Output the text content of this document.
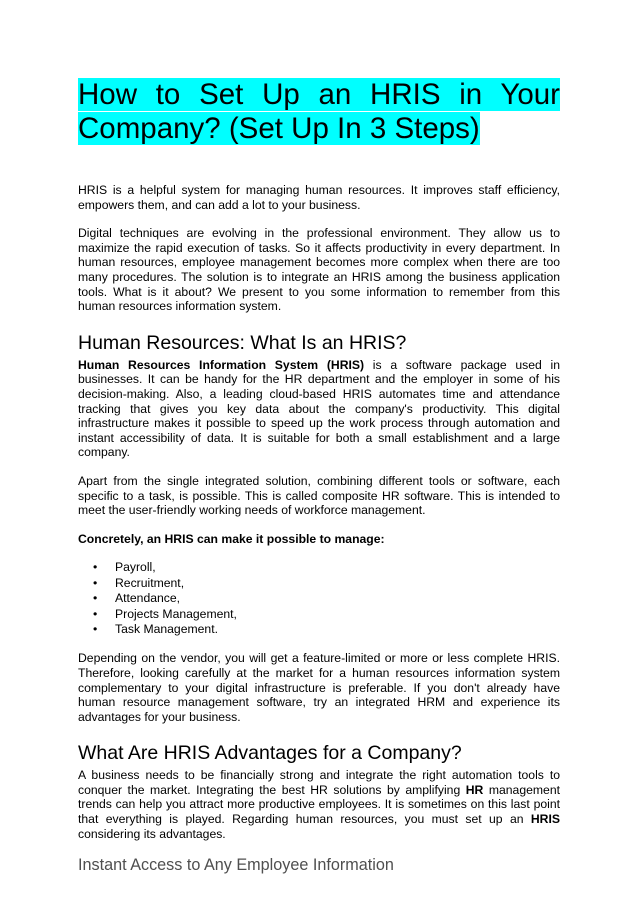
How to Set Up an HRIS in Your Company? (Set Up In 3 Steps)

HRIS is a helpful system for managing human resources. It improves staff efficiency, empowers them, and can add a lot to your business.

Digital techniques are evolving in the professional environment. They allow us to maximize the rapid execution of tasks. So it affects productivity in every department. In human resources, employee management becomes more complex when there are too many procedures. The solution is to integrate an HRIS among the business application tools. What is it about? We present to you some information to remember from this human resources information system.

Human Resources: What Is an HRIS?

Human Resources Information System (HRIS) is a software package used in businesses. It can be handy for the HR department and the employer in some of his decision-making. Also, a leading cloud-based HRIS automates time and attendance tracking that gives you key data about the company's productivity. This digital infrastructure makes it possible to speed up the work process through automation and instant accessibility of data. It is suitable for both a small establishment and a large company.

Apart from the single integrated solution, combining different tools or software, each specific to a task, is possible. This is called composite HR software. This is intended to meet the user-friendly working needs of workforce management.

Concretely, an HRIS can make it possible to manage:

• Payroll,
• Recruitment,
• Attendance,
• Projects Management,
• Task Management.

Depending on the vendor, you will get a feature-limited or more or less complete HRIS. Therefore, looking carefully at the market for a human resources information system complementary to your digital infrastructure is preferable. If you don't already have human resource management software, try an integrated HRM and experience its advantages for your business.

What Are HRIS Advantages for a Company?

A business needs to be financially strong and integrate the right automation tools to conquer the market. Integrating the best HR solutions by amplifying HR management trends can help you attract more productive employees. It is sometimes on this last point that everything is played. Regarding human resources, you must set up an HRIS considering its advantages.

Instant Access to Any Employee Information
